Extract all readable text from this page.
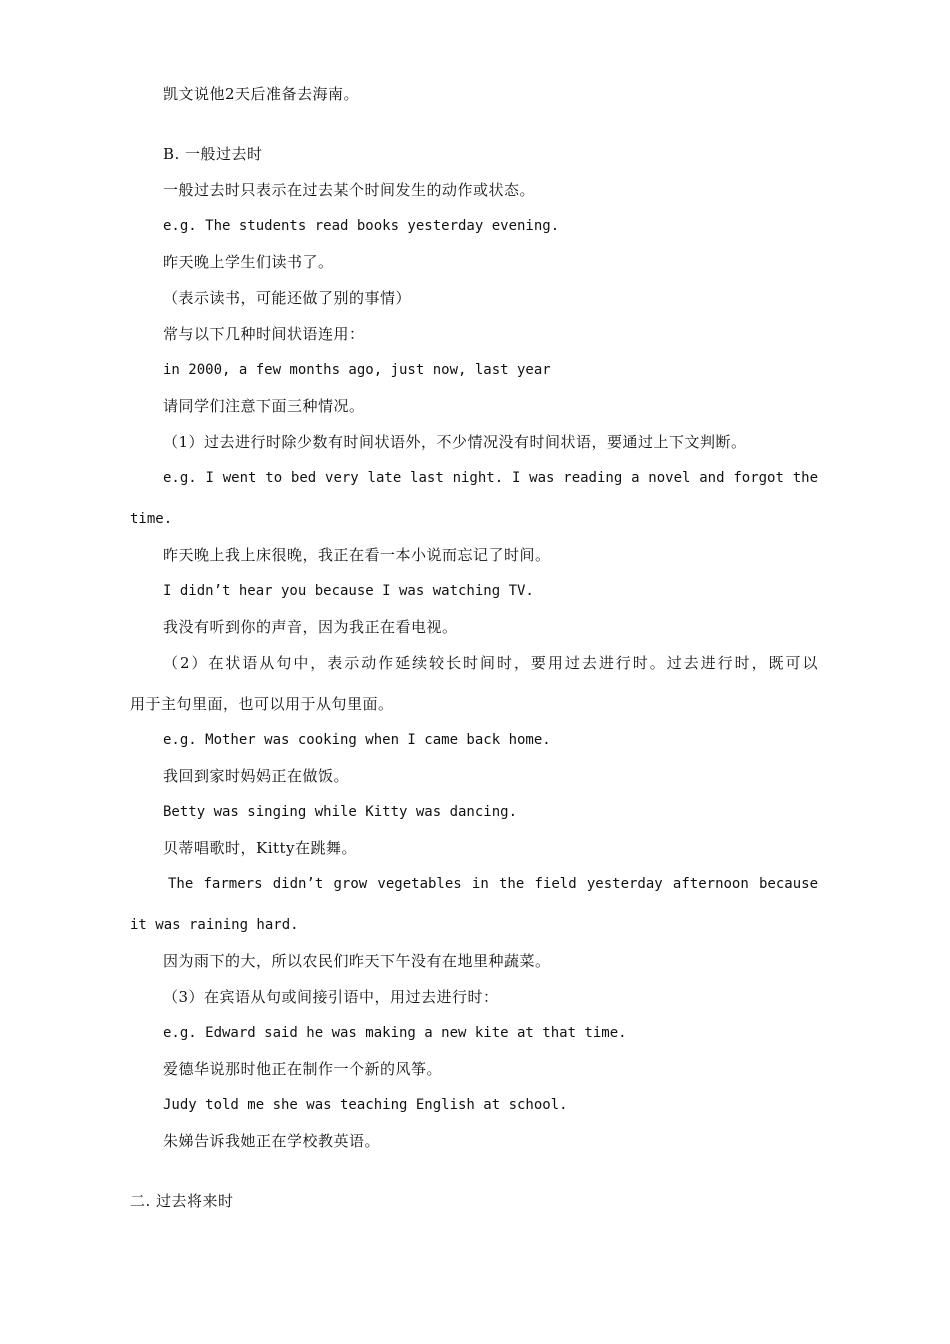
凯文说他2天后准备去海南。
B. 一般过去时
一般过去时只表示在过去某个时间发生的动作或状态。
e.g. The students read books yesterday evening.
昨天晚上学生们读书了。
（表示读书，可能还做了别的事情）
常与以下几种时间状语连用：
in 2000, a few months ago, just now, last year
请同学们注意下面三种情况。
（1）过去进行时除少数有时间状语外，不少情况没有时间状语，要通过上下文判断。
e.g. I went to bed very late last night. I was reading a novel and forgot the
time.
昨天晚上我上床很晚，我正在看一本小说而忘记了时间。
I didn’t hear you because I was watching TV.
我没有听到你的声音，因为我正在看电视。
（2）在状语从句中，表示动作延续较长时间时，要用过去进行时。过去进行时，既可以
用于主句里面，也可以用于从句里面。
e.g. Mother was cooking when I came back home.
我回到家时妈妈正在做饭。
Betty was singing while Kitty was dancing.
贝蒂唱歌时，Kitty在跳舞。
The farmers didn’t grow vegetables in the field yesterday afternoon because
it was raining hard.
因为雨下的大，所以农民们昨天下午没有在地里种蔬菜。
（3）在宾语从句或间接引语中，用过去进行时：
e.g. Edward said he was making a new kite at that time.
爱德华说那时他正在制作一个新的风筝。
Judy told me she was teaching English at school.
朱娣告诉我她正在学校教英语。
二. 过去将来时
